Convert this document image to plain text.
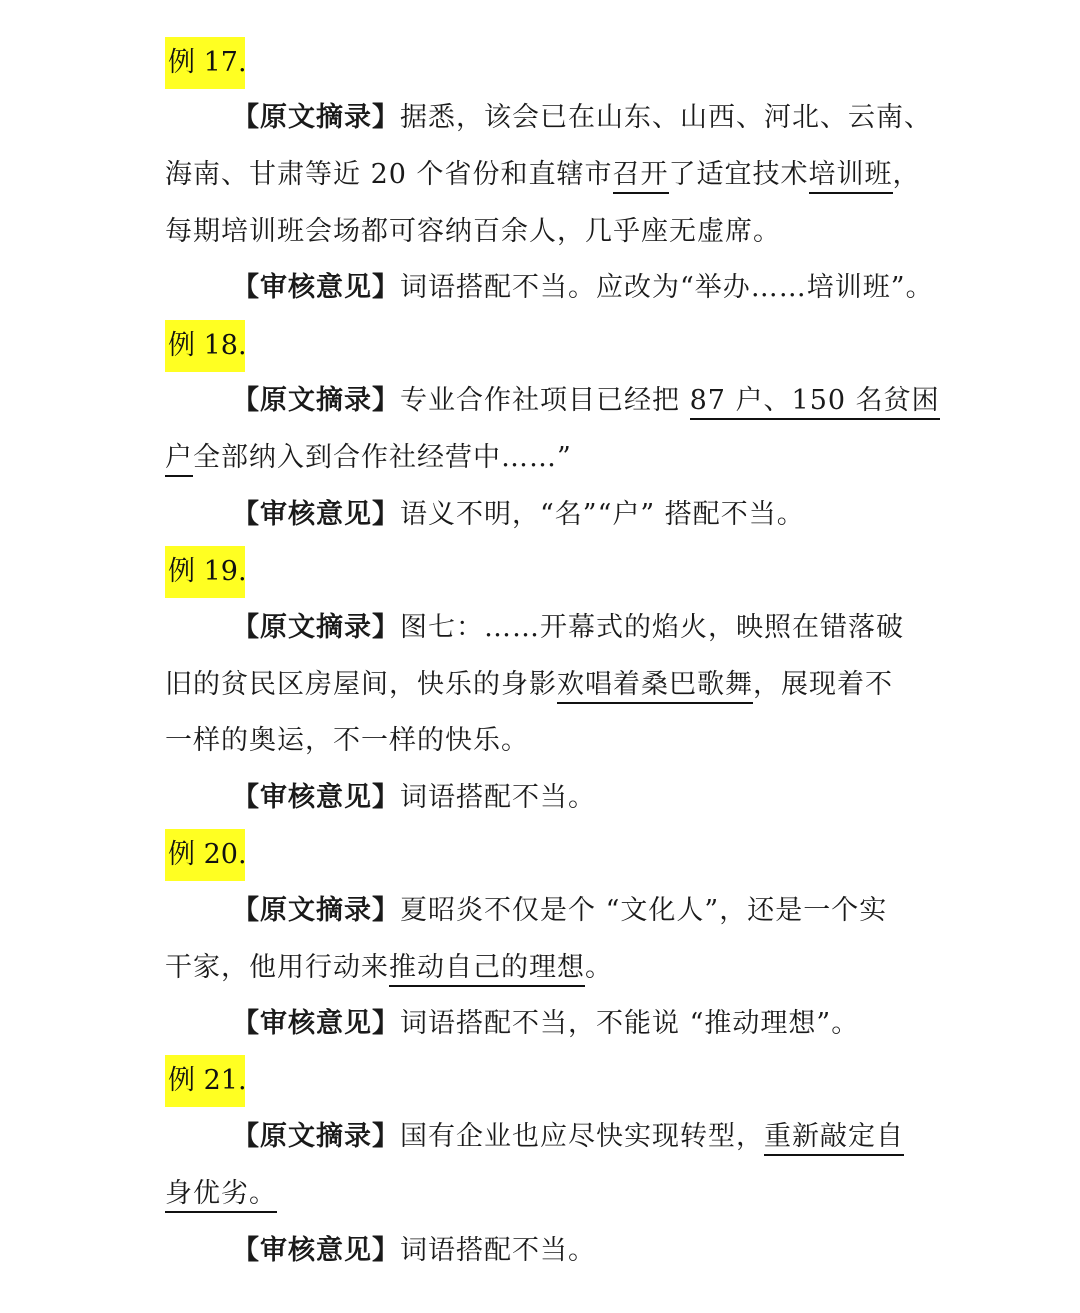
例 17.
【原文摘录】据悉，该会已在山东、山西、河北、云南、
海南、甘肃等近 20 个省份和直辖市召开了适宜技术培训班，
每期培训班会场都可容纳百余人，几乎座无虚席。
【审核意见】词语搭配不当。应改为“举办……培训班”。
例 18.
【原文摘录】专业合作社项目已经把 87 户、150 名贫困
户全部纳入到合作社经营中……”
【审核意见】语义不明，“名”“户” 搭配不当。
例 19.
【原文摘录】图七：……开幕式的焰火，映照在错落破
旧的贫民区房屋间，快乐的身影欢唱着桑巴歌舞，展现着不
一样的奥运，不一样的快乐。
【审核意见】词语搭配不当。
例 20.
【原文摘录】夏昭炎不仅是个 “文化人”，还是一个实
干家，他用行动来推动自己的理想。
【审核意见】词语搭配不当，不能说 “推动理想”。
例 21.
【原文摘录】国有企业也应尽快实现转型，重新敲定自
身优劣。
【审核意见】词语搭配不当。
